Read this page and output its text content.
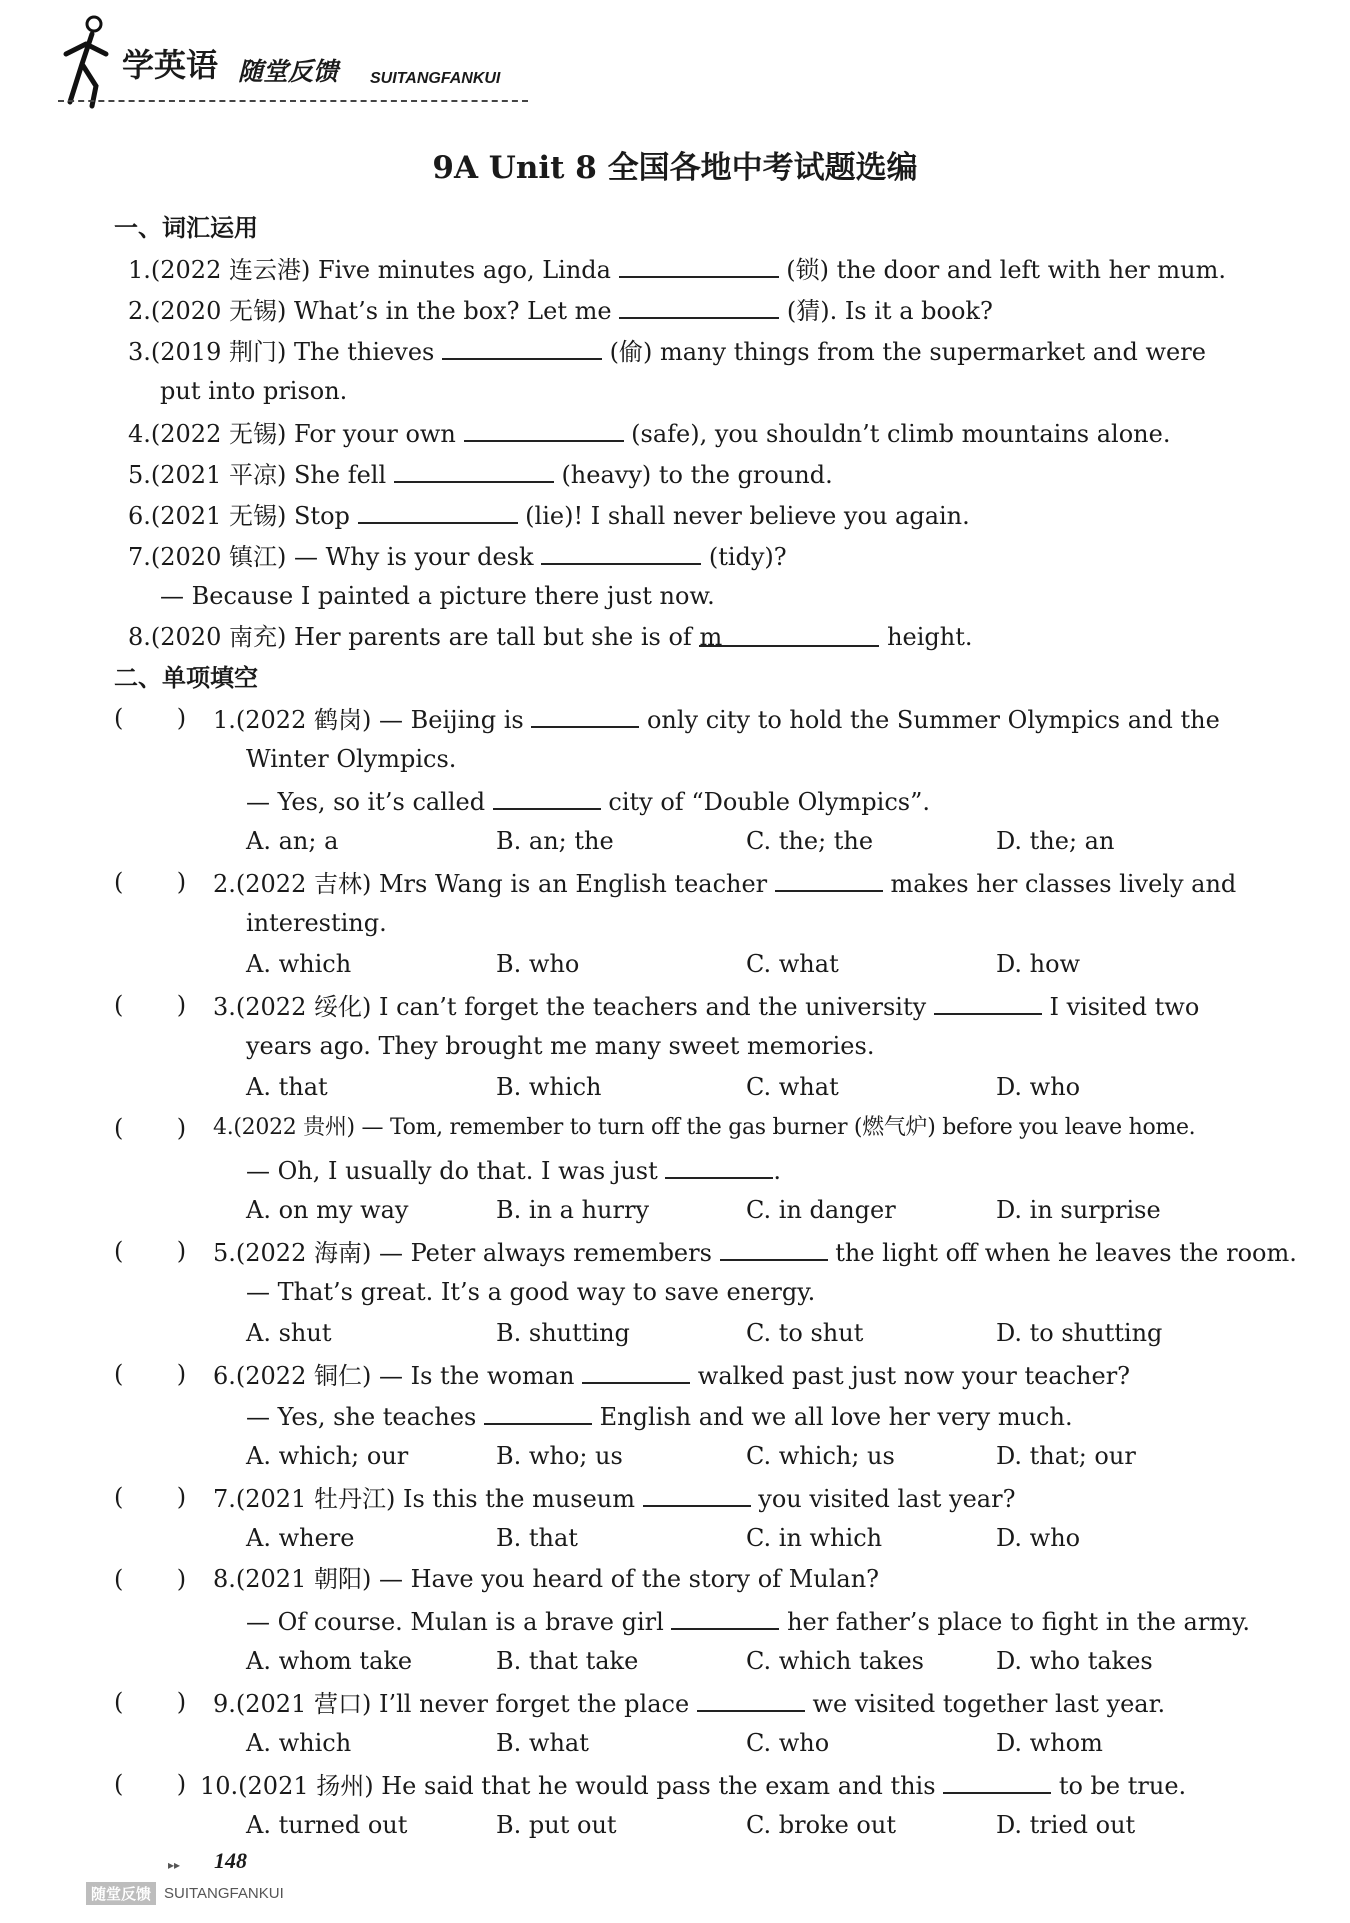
学英语 随堂反馈 SUITANGFANKUI
9A Unit 8 全国各地中考试题选编
一、词汇运用
1.(2022 连云港) Five minutes ago, Linda	(锁) the door and left with her mum.
2.(2020 无锡) What’s in the box? Let me	(猜). Is it a book?
3.(2019 荆门) The thieves	(偷) many things from the supermarket and were
put into prison.
4.(2022 无锡) For your own	(safe), you shouldn’t climb mountains alone.
5.(2021 平凉) She fell	(heavy) to the ground.
6.(2021 无锡) Stop	(lie)! I shall never believe you again.
7.(2020 镇江) — Why is your desk	(tidy)?
— Because I painted a picture there just now.
8.(2020 南充) Her parents are tall but she is of m	height.
二、单项填空
(       ) 1.(2022 鹤岗) — Beijing is	only city to hold the Summer Olympics and the
Winter Olympics.
— Yes, so it’s called	city of “Double Olympics”.
A. an; a	B. an; the	C. the; the	D. the; an
(       ) 2.(2022 吉林) Mrs Wang is an English teacher	makes her classes lively and
interesting.
A. which	B. who	C. what	D. how
(       ) 3.(2022 绥化) I can’t forget the teachers and the university	I visited two
years ago. They brought me many sweet memories.
A. that	B. which	C. what	D. who
(       ) 4.(2022 贵州) — Tom, remember to turn off the gas burner (燃气炉) before you leave home.
— Oh, I usually do that. I was just	.
A. on my way	B. in a hurry	C. in danger	D. in surprise
(       ) 5.(2022 海南) — Peter always remembers	the light off when he leaves the room.
— That’s great. It’s a good way to save energy.
A. shut	B. shutting	C. to shut	D. to shutting
(       ) 6.(2022 铜仁) — Is the woman	walked past just now your teacher?
— Yes, she teaches	English and we all love her very much.
A. which; our	B. who; us	C. which; us	D. that; our
(       ) 7.(2021 牡丹江) Is this the museum	you visited last year?
A. where	B. that	C. in which	D. who
(       ) 8.(2021 朝阳) — Have you heard of the story of Mulan?
— Of course. Mulan is a brave girl	her father’s place to fight in the army.
A. whom take	B. that take	C. which takes	D. who takes
(       ) 9.(2021 营口) I’ll never forget the place	we visited together last year.
A. which	B. what	C. who	D. whom
(       ) 10.(2021 扬州) He said that he would pass the exam and this	to be true.
A. turned out	B. put out	C. broke out	D. tried out
▸▸ 148
随堂反馈 SUITANGFANKUI
